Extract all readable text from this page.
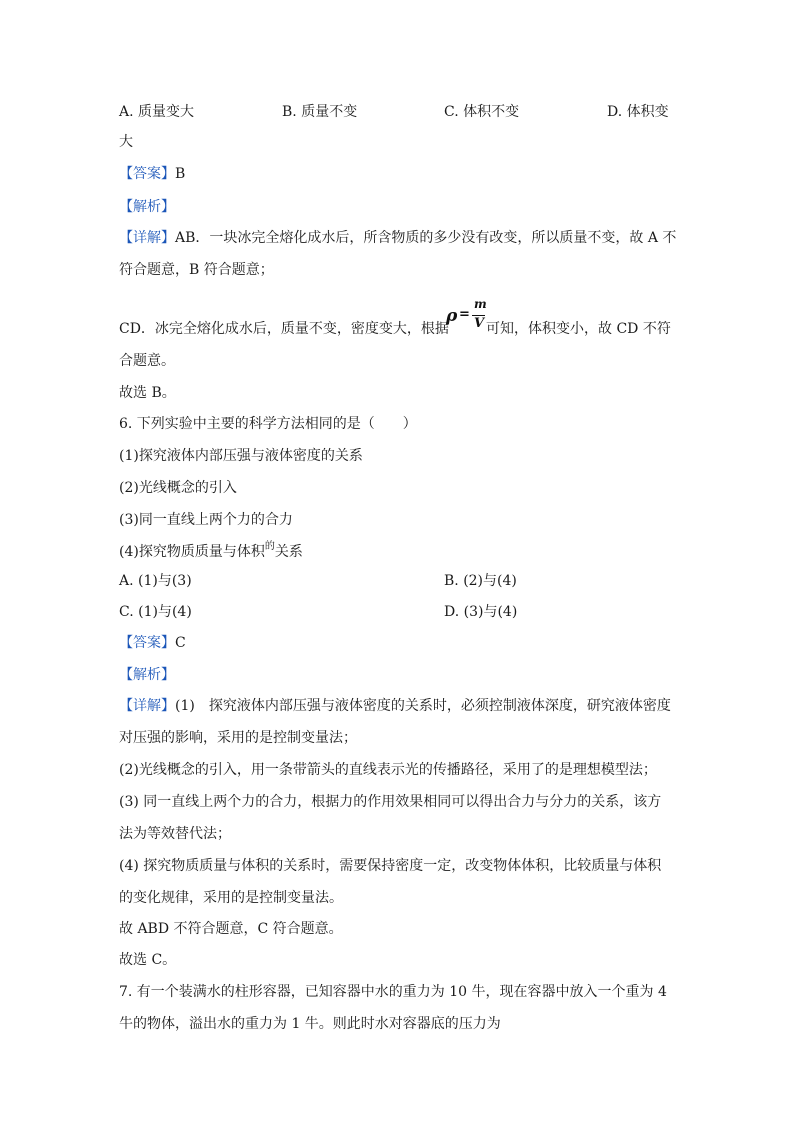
A. 质量变大	B. 质量不变	C. 体积不变	D. 体积变
大
【答案】B
【解析】
【详解】AB．一块冰完全熔化成水后，所含物质的多少没有改变，所以质量不变，故 A 不
符合题意，B 符合题意；
CD．冰完全熔化成水后，质量不变，密度变大，根据
ρ =
m
V 可知，体积变小，故 CD 不符
合题意。
故选 B。
6. 下列实验中主要的科学方法相同的是（　　）
(1)探究液体内部压强与液体密度的关系
(2)光线概念的引入
(3)同一直线上两个力的合力
(4)探究物质质量与体积$^的$关系
A. (1)与(3)	B. (2)与(4)
C. (1)与(4)	D. (3)与(4)
【答案】C
【解析】
【详解】(1)　探究液体内部压强与液体密度的关系时，必须控制液体深度，研究液体密度
对压强的影响，采用的是控制变量法；
(2)光线概念的引入，用一条带箭头的直线表示光的传播路径，采用了的是理想模型法；
(3) 同一直线上两个力的合力，根据力的作用效果相同可以得出合力与分力的关系，该方
法为等效替代法；
(4) 探究物质质量与体积的关系时，需要保持密度一定，改变物体体积，比较质量与体积
的变化规律，采用的是控制变量法。
故 ABD 不符合题意，C 符合题意。
故选 C。
7. 有一个装满水的柱形容器，已知容器中水的重力为 10 牛，现在容器中放入一个重为 4
牛的物体，溢出水的重力为 1 牛。则此时水对容器底的压力为
